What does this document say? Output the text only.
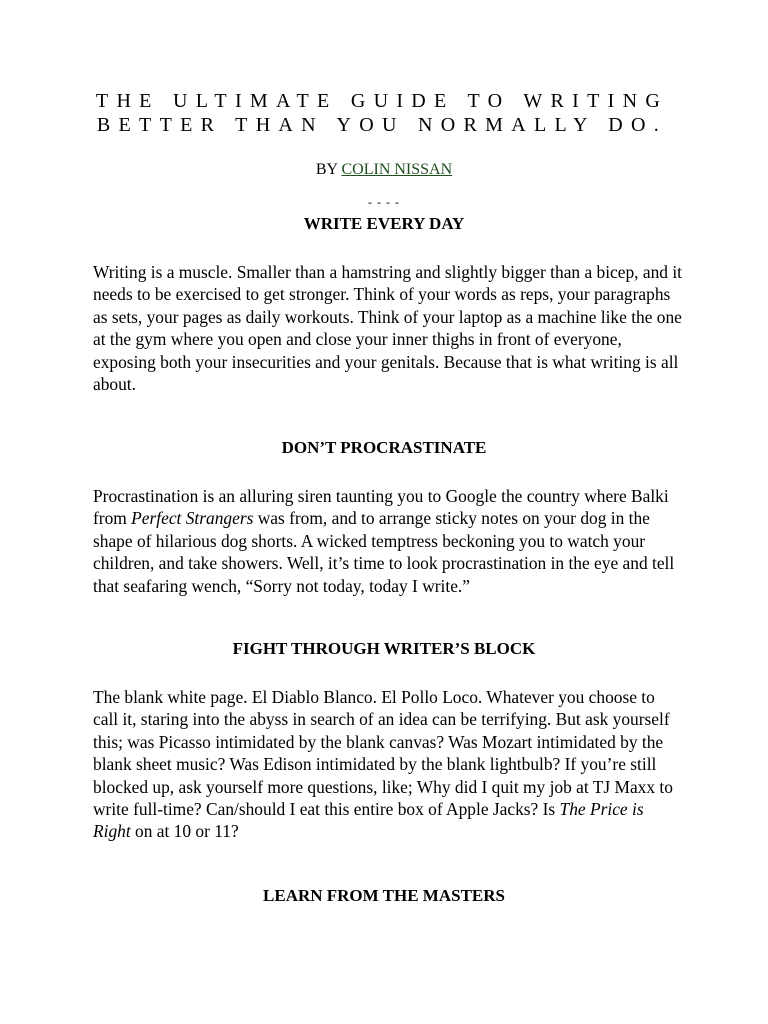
THE ULTIMATE GUIDE TO WRITING
BETTER THAN YOU NORMALLY DO.
BY COLIN NISSAN
- - - -
WRITE EVERY DAY

Writing is a muscle. Smaller than a hamstring and slightly bigger than a bicep, and it needs to be exercised to get stronger. Think of your words as reps, your paragraphs as sets, your pages as daily workouts. Think of your laptop as a machine like the one at the gym where you open and close your inner thighs in front of everyone, exposing both your insecurities and your genitals. Because that is what writing is all about.

DON’T PROCRASTINATE

Procrastination is an alluring siren taunting you to Google the country where Balki from Perfect Strangers was from, and to arrange sticky notes on your dog in the shape of hilarious dog shorts. A wicked temptress beckoning you to watch your children, and take showers. Well, it’s time to look procrastination in the eye and tell that seafaring wench, “Sorry not today, today I write.”

FIGHT THROUGH WRITER’S BLOCK

The blank white page. El Diablo Blanco. El Pollo Loco. Whatever you choose to call it, staring into the abyss in search of an idea can be terrifying. But ask yourself this; was Picasso intimidated by the blank canvas? Was Mozart intimidated by the blank sheet music? Was Edison intimidated by the blank lightbulb? If you’re still blocked up, ask yourself more questions, like; Why did I quit my job at TJ Maxx to write full-time? Can/should I eat this entire box of Apple Jacks? Is The Price is Right on at 10 or 11?

LEARN FROM THE MASTERS
